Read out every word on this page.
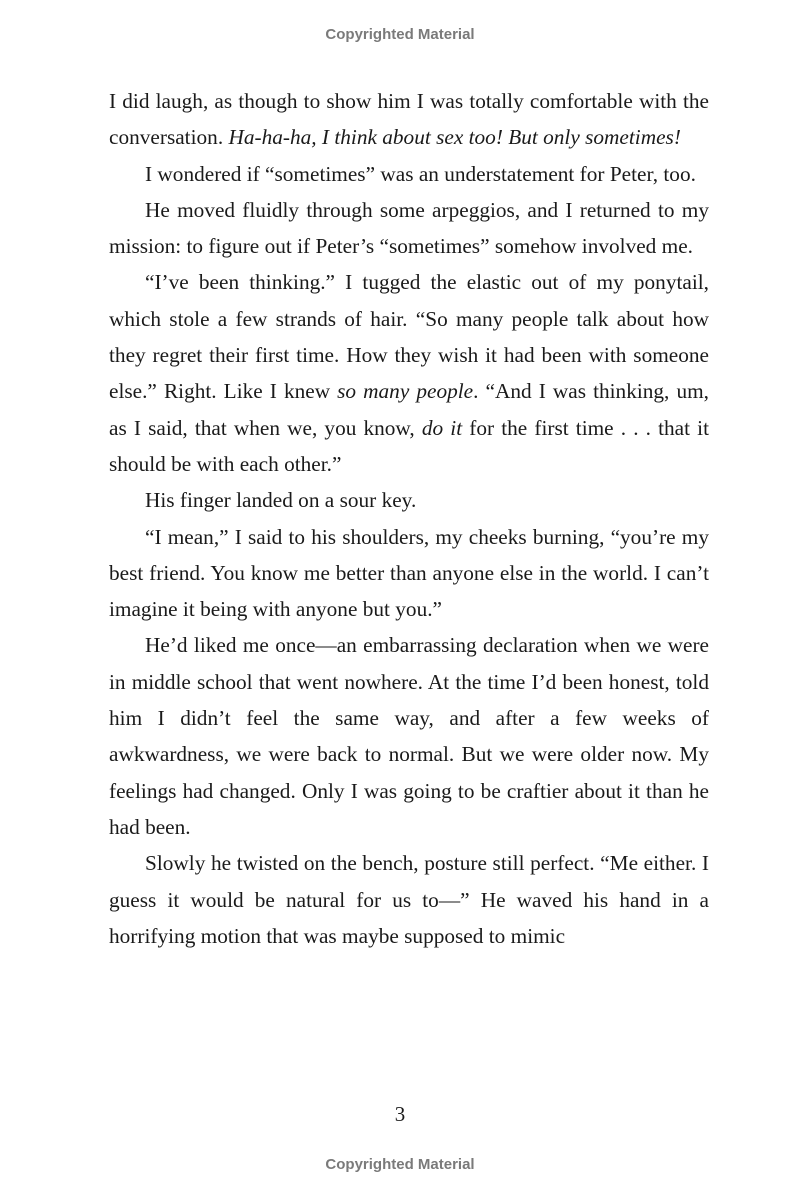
Copyrighted Material

I did laugh, as though to show him I was totally comfortable with the conversation. Ha-ha-ha, I think about sex too! But only sometimes!

I wondered if “sometimes” was an understatement for Peter, too.

He moved fluidly through some arpeggios, and I returned to my mission: to figure out if Peter’s “sometimes” somehow involved me.

“I’ve been thinking.” I tugged the elastic out of my ponytail, which stole a few strands of hair. “So many people talk about how they regret their first time. How they wish it had been with someone else.” Right. Like I knew so many people. “And I was thinking, um, as I said, that when we, you know, do it for the first time . . . that it should be with each other.”

His finger landed on a sour key.

“I mean,” I said to his shoulders, my cheeks burning, “you’re my best friend. You know me better than anyone else in the world. I can’t imagine it being with anyone but you.”

He’d liked me once—an embarrassing declaration when we were in middle school that went nowhere. At the time I’d been honest, told him I didn’t feel the same way, and after a few weeks of awkwardness, we were back to normal. But we were older now. My feelings had changed. Only I was going to be craftier about it than he had been.

Slowly he twisted on the bench, posture still perfect. “Me either. I guess it would be natural for us to—” He waved his hand in a horrifying motion that was maybe supposed to mimic

3
Copyrighted Material
